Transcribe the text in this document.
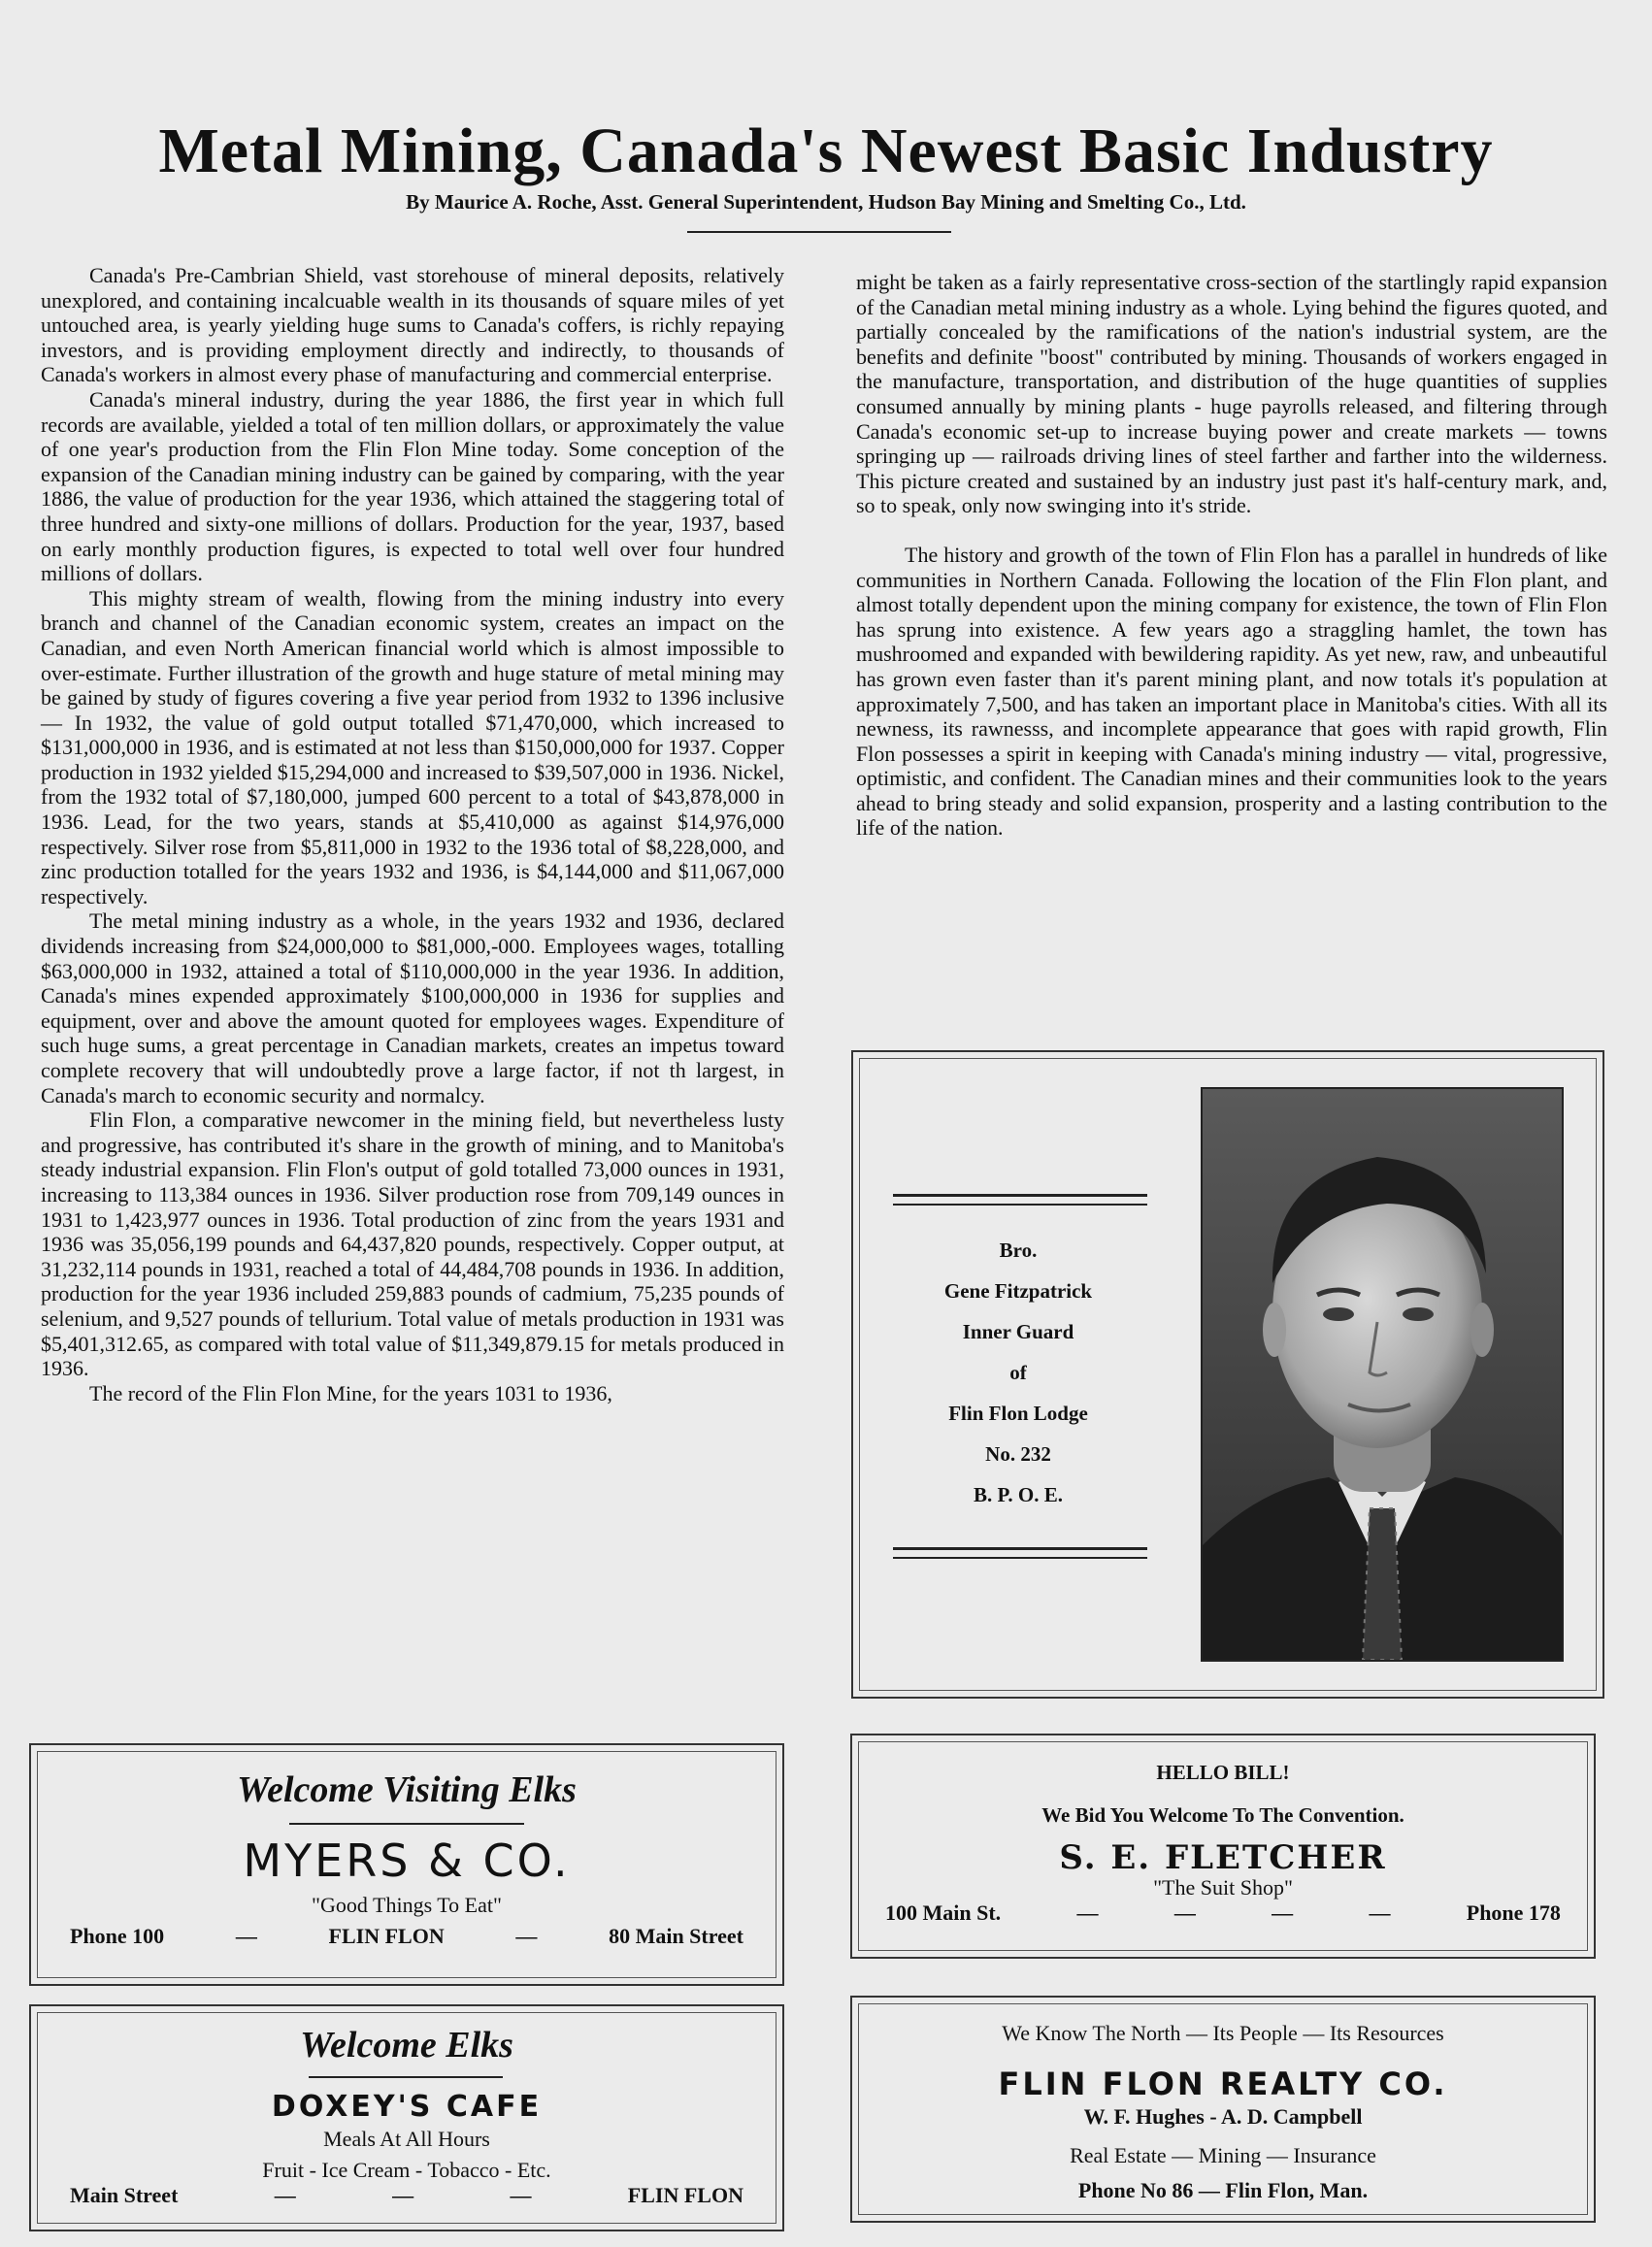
Metal Mining, Canada's Newest Basic Industry
By Maurice A. Roche, Asst. General Superintendent, Hudson Bay Mining and Smelting Co., Ltd.

Canada's Pre-Cambrian Shield, vast storehouse of mineral deposits, relatively unexplored, and containing incalcuable wealth in its thousands of square miles of yet untouched area, is yearly yielding huge sums to Canada's coffers, is richly repaying investors, and is providing employment directly and indirectly, to thousands of Canada's workers in almost every phase of manufacturing and commercial enterprise.

Canada's mineral industry, during the year 1886, the first year in which full records are available, yielded a total of ten million dollars, or approximately the value of one year's production from the Flin Flon Mine today. Some conception of the expansion of the Canadian mining industry can be gained by comparing, with the year 1886, the value of production for the year 1936, which attained the staggering total of three hundred and sixty-one millions of dollars. Production for the year, 1937, based on early monthly production figures, is expected to total well over four hundred millions of dollars.

This mighty stream of wealth, flowing from the mining industry into every branch and channel of the Canadian economic system, creates an impact on the Canadian, and even North American financial world which is almost impossible to over-estimate. Further illustration of the growth and huge stature of metal mining may be gained by study of figures covering a five year period from 1932 to 1396 inclusive — In 1932, the value of gold output totalled $71,470,000, which increased to $131,000,000 in 1936, and is estimated at not less than $150,000,000 for 1937. Copper production in 1932 yielded $15,294,000 and increased to $39,507,000 in 1936. Nickel, from the 1932 total of $7,180,000, jumped 600 percent to a total of $43,878,000 in 1936. Lead, for the two years, stands at $5,410,000 as against $14,976,000 respectively. Silver rose from $5,811,000 in 1932 to the 1936 total of $8,228,000, and zinc production totalled for the years 1932 and 1936, is $4,144,000 and $11,067,000 respectively.

The metal mining industry as a whole, in the years 1932 and 1936, declared dividends increasing from $24,000,000 to $81,000,-000. Employees wages, totalling $63,000,000 in 1932, attained a total of $110,000,000 in the year 1936. In addition, Canada's mines expended approximately $100,000,000 in 1936 for supplies and equipment, over and above the amount quoted for employees wages. Expenditure of such huge sums, a great percentage in Canadian markets, creates an impetus toward complete recovery that will undoubtedly prove a large factor, if not th largest, in Canada's march to economic security and normalcy.

Flin Flon, a comparative newcomer in the mining field, but nevertheless lusty and progressive, has contributed it's share in the growth of mining, and to Manitoba's steady industrial expansion. Flin Flon's output of gold totalled 73,000 ounces in 1931, increasing to 113,384 ounces in 1936. Silver production rose from 709,149 ounces in 1931 to 1,423,977 ounces in 1936. Total production of zinc from the years 1931 and 1936 was 35,056,199 pounds and 64,437,820 pounds, respectively. Copper output, at 31,232,114 pounds in 1931, reached a total of 44,484,708 pounds in 1936. In addition, production for the year 1936 included 259,883 pounds of cadmium, 75,235 pounds of selenium, and 9,527 pounds of tellurium. Total value of metals production in 1931 was $5,401,312.65, as compared with total value of $11,349,879.15 for metals produced in 1936.

The record of the Flin Flon Mine, for the years 1031 to 1936,

might be taken as a fairly representative cross-section of the startlingly rapid expansion of the Canadian metal mining industry as a whole. Lying behind the figures quoted, and partially concealed by the ramifications of the nation's industrial system, are the benefits and definite "boost" contributed by mining. Thousands of workers engaged in the manufacture, transportation, and distribution of the huge quantities of supplies consumed annually by mining plants - huge payrolls released, and filtering through Canada's economic set-up to increase buying power and create markets — towns springing up — railroads driving lines of steel farther and farther into the wilderness. This picture created and sustained by an industry just past it's half-century mark, and, so to speak, only now swinging into it's stride.

The history and growth of the town of Flin Flon has a parallel in hundreds of like communities in Northern Canada. Following the location of the Flin Flon plant, and almost totally dependent upon the mining company for existence, the town of Flin Flon has sprung into existence. A few years ago a straggling hamlet, the town has mushroomed and expanded with bewildering rapidity. As yet new, raw, and unbeautiful has grown even faster than it's parent mining plant, and now totals it's population at approximately 7,500, and has taken an important place in Manitoba's cities. With all its newness, its rawnesss, and incomplete appearance that goes with rapid growth, Flin Flon possesses a spirit in keeping with Canada's mining industry — vital, progressive, optimistic, and confident. The Canadian mines and their communities look to the years ahead to bring steady and solid expansion, prosperity and a lasting contribution to the life of the nation.

Bro.
Gene Fitzpatrick
Inner Guard
of
Flin Flon Lodge
No. 232
B. P. O. E.
Welcome Visiting Elks
MYERS & CO.
"Good Things To Eat"
Phone 100	—	FLIN FLON	—	80 Main Street
HELLO BILL!
We Bid You Welcome To The Convention.
S. E. FLETCHER
"The Suit Shop"
100 Main St.	—	—	—	—	Phone 178
Welcome Elks
DOXEY'S CAFE
Meals At All Hours
Fruit - Ice Cream - Tobacco - Etc.
Main Street	—	—	—	FLIN FLON
We Know The North — Its People — Its Resources
FLIN FLON REALTY CO.
W. F. Hughes - A. D. Campbell
Real Estate — Mining — Insurance
Phone No 86 — Flin Flon, Man.
